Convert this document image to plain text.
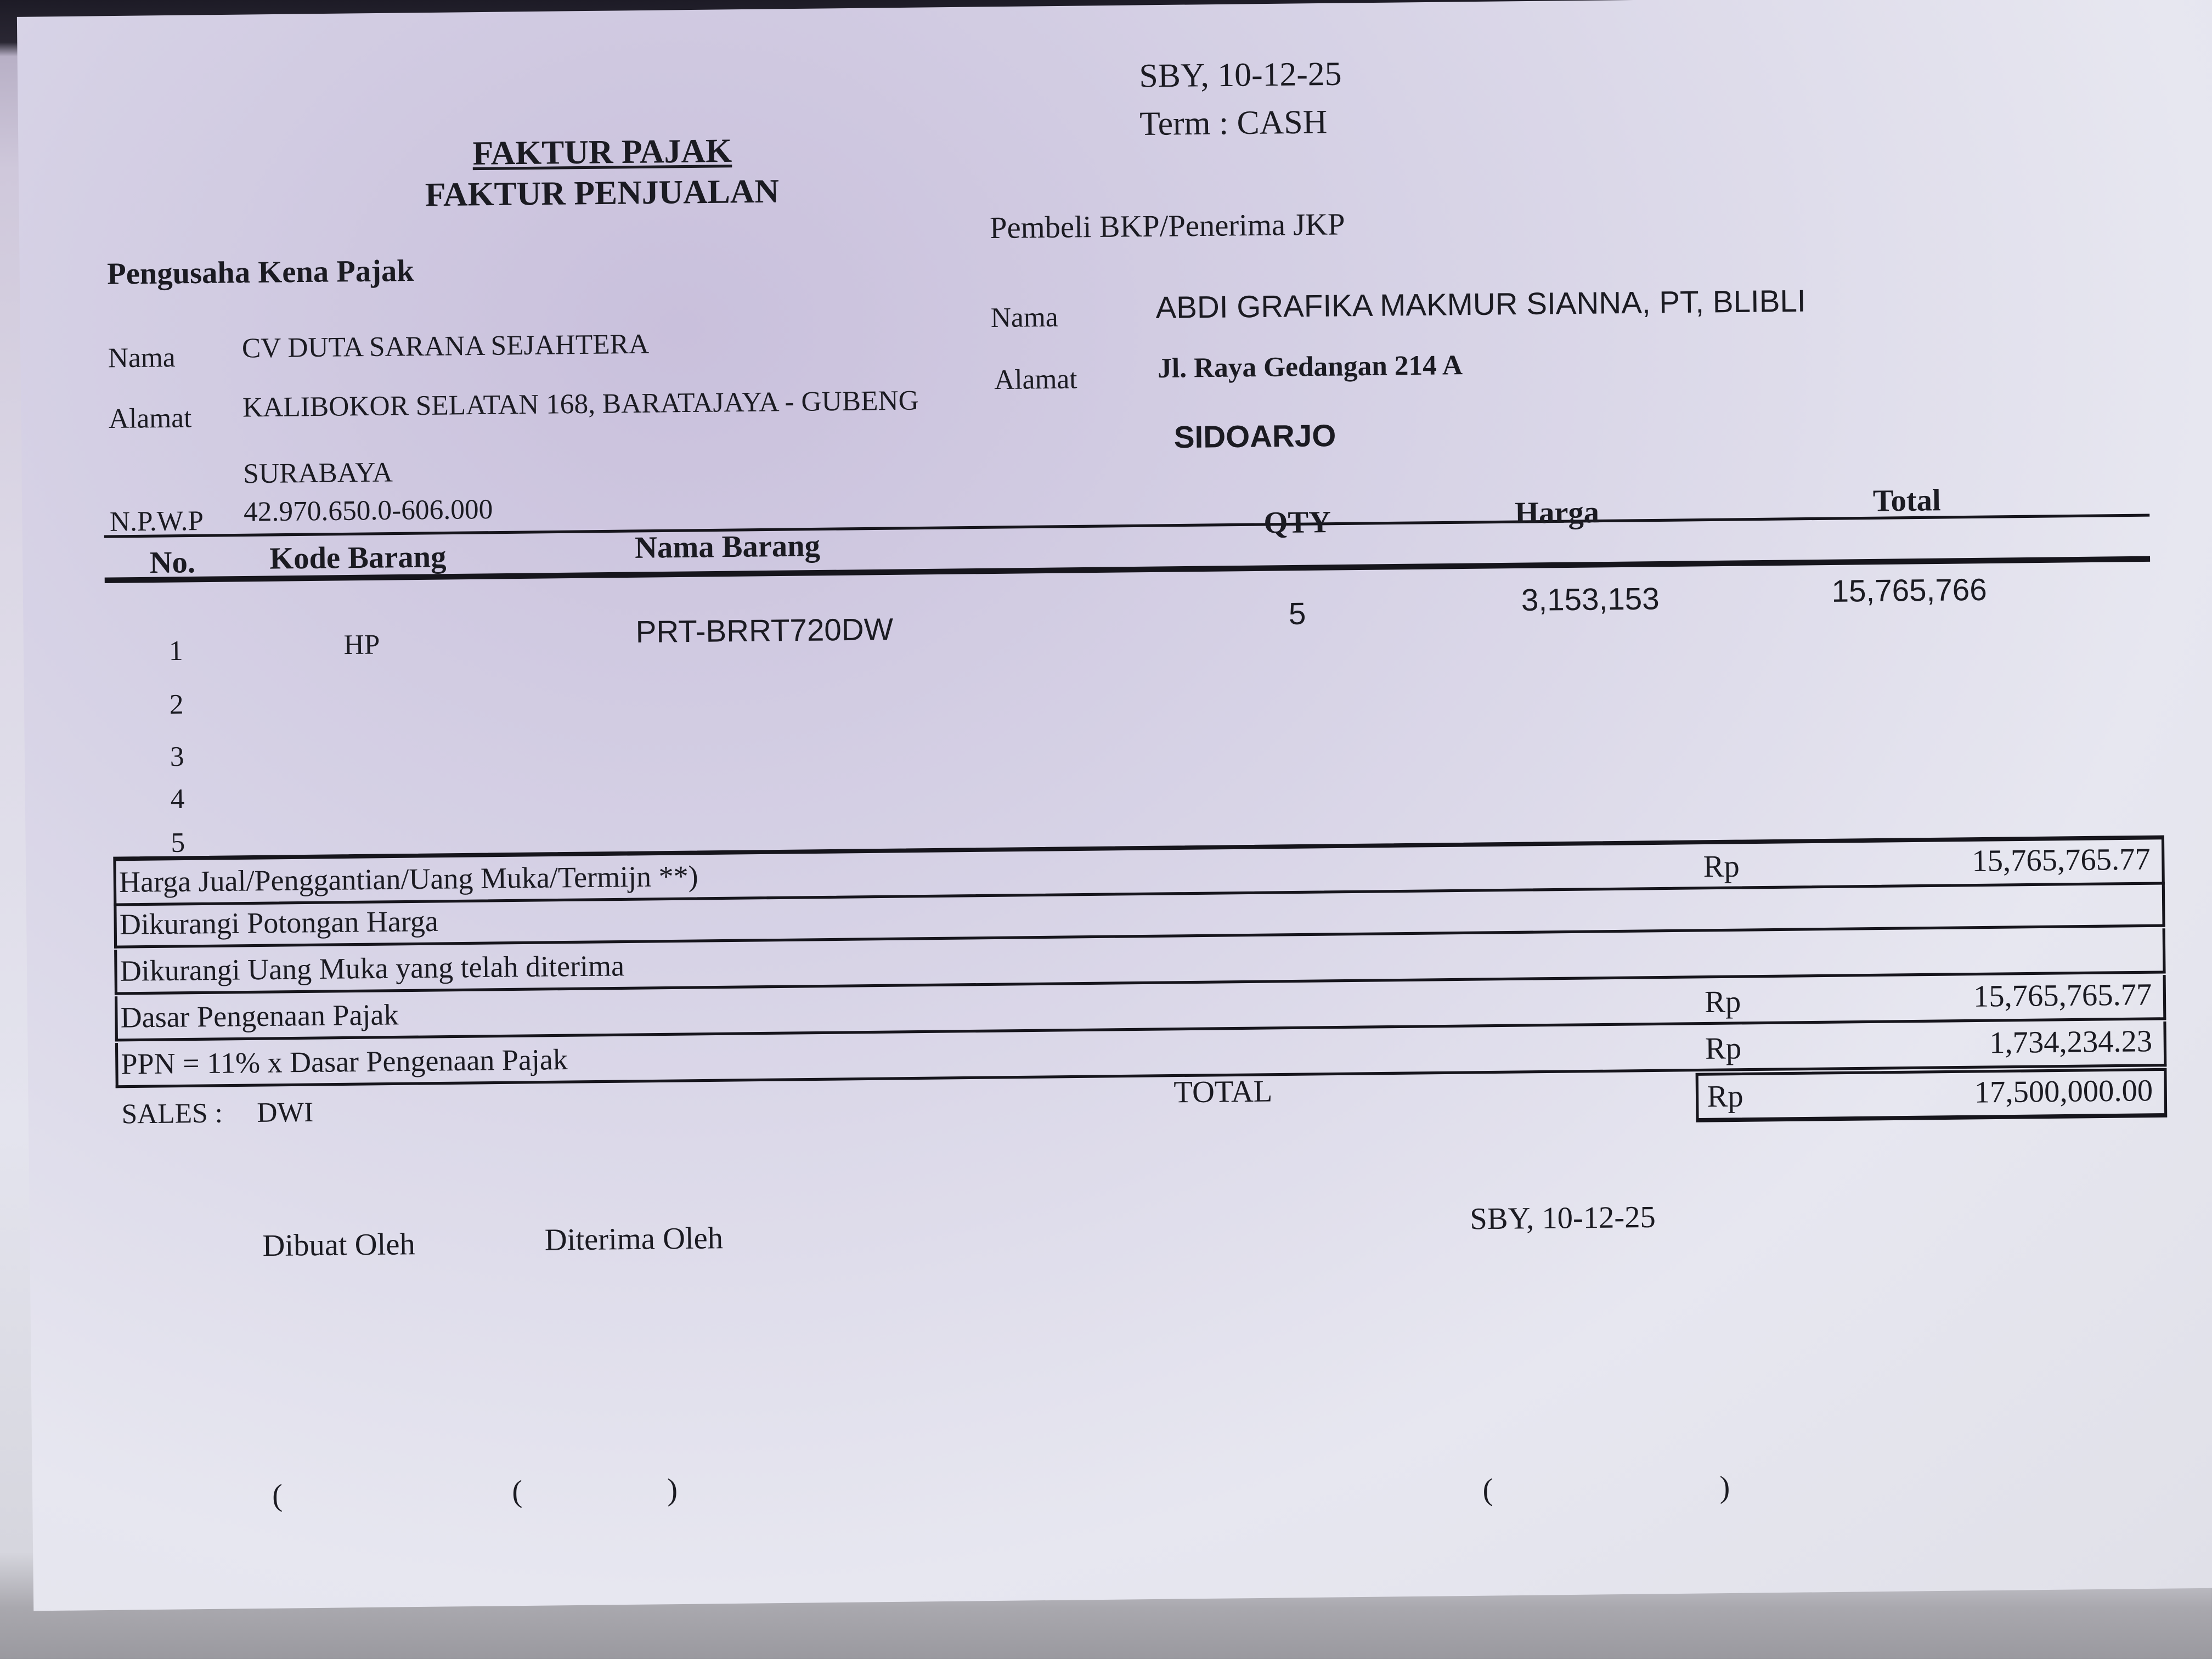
SBY, 10-12-25
Term : CASH
FAKTUR PAJAK
FAKTUR PENJUALAN
Pengusaha Kena Pajak
Nama	CV DUTA SARANA SEJAHTERA
Alamat	KALIBOKOR SELATAN 168, BARATAJAYA - GUBENG
SURABAYA
N.P.W.P	42.970.650.0-606.000
Pembeli BKP/Penerima JKP
Nama	ABDI GRAFIKA MAKMUR SIANNA, PT, BLIBLI
Alamat	Jl. Raya Gedangan 214 A
SIDOARJO
No.	Kode Barang	Nama Barang
QTY	Harga	Total
1	HP	PRT-BRRT720DW	5	3,153,153	15,765,766
2
3
4
5
Harga Jual/Penggantian/Uang Muka/Termijn **)	Rp	15,765,765.77
Dikurangi Potongan Harga
Dikurangi Uang Muka yang telah diterima
Dasar Pengenaan Pajak	Rp	15,765,765.77
PPN = 11% x Dasar Pengenaan Pajak	Rp	1,734,234.23
SALES :	DWI
TOTAL	Rp	17,500,000.00
Dibuat Oleh	Diterima Oleh
SBY, 10-12-25
(	(	)	(	)
